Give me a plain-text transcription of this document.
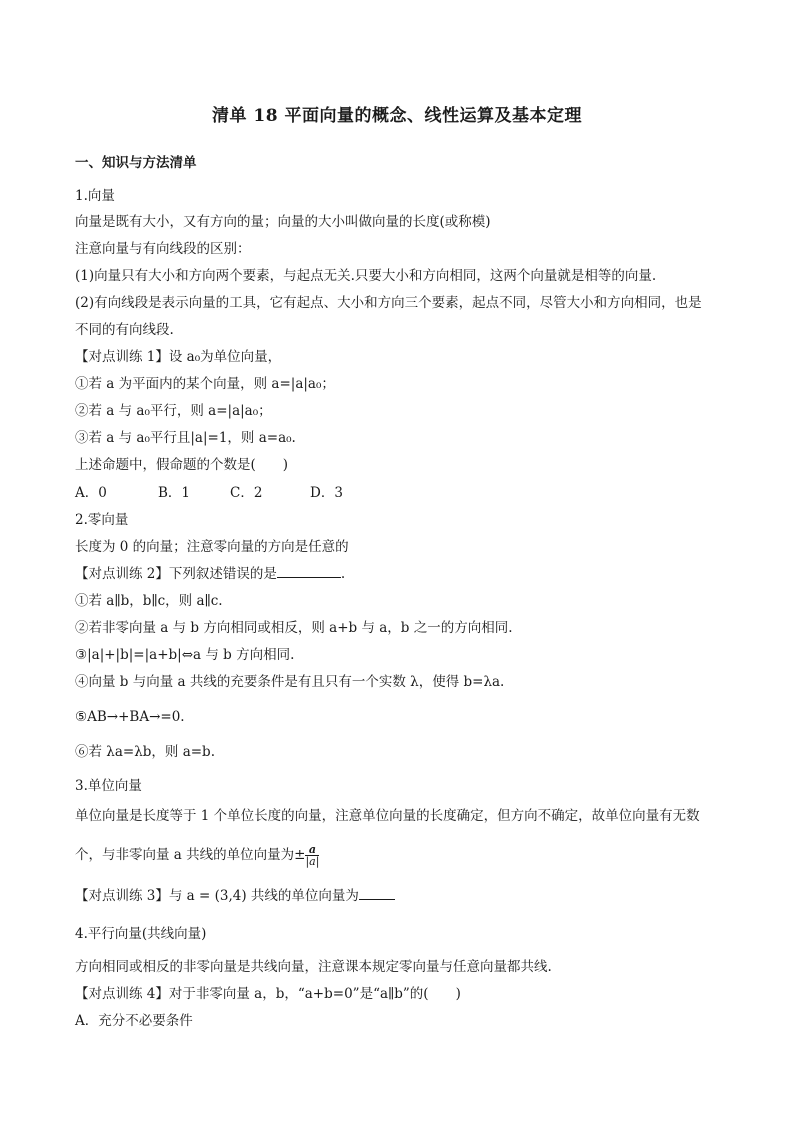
清单 18 平面向量的概念、线性运算及基本定理
一、知识与方法清单
1.向量
向量是既有大小，又有方向的量；向量的大小叫做向量的长度(或称模)
注意向量与有向线段的区别：
(1)向量只有大小和方向两个要素，与起点无关.只要大小和方向相同，这两个向量就是相等的向量.
(2)有向线段是表示向量的工具，它有起点、大小和方向三个要素，起点不同，尽管大小和方向相同，也是
不同的有向线段.
【对点训练 1】设 a₀为单位向量，
①若 a 为平面内的某个向量，则 a=|a|a₀；
②若 a 与 a₀平行，则 a=|a|a₀；
③若 a 与 a₀平行且|a|=1，则 a=a₀.
上述命题中，假命题的个数是(　　)
A．0	B．1	C．2	D．3
2.零向量
长度为 0 的向量；注意零向量的方向是任意的
【对点训练 2】下列叙述错误的是	.
①若 a∥b，b∥c，则 a∥c.
②若非零向量 a 与 b 方向相同或相反，则 a+b 与 a，b 之一的方向相同.
③|a|+|b|=|a+b|⇔a 与 b 方向相同.
④向量 b 与向量 a 共线的充要条件是有且只有一个实数 λ，使得 b=λa.
⑤AB→+BA→=0.
⑥若 λa=λb，则 a=b.
3.单位向量
单位向量是长度等于 1 个单位长度的向量，注意单位向量的长度确定，但方向不确定，故单位向量有无数
个，与非零向量 a 共线的单位向量为± $\frac{a}{|a|}$
【对点训练 3】与 a = (3,4) 共线的单位向量为
4.平行向量(共线向量)
方向相同或相反的非零向量是共线向量，注意课本规定零向量与任意向量都共线.
【对点训练 4】对于非零向量 a，b，“a+b=0”是“a∥b”的(　　)
A．充分不必要条件
